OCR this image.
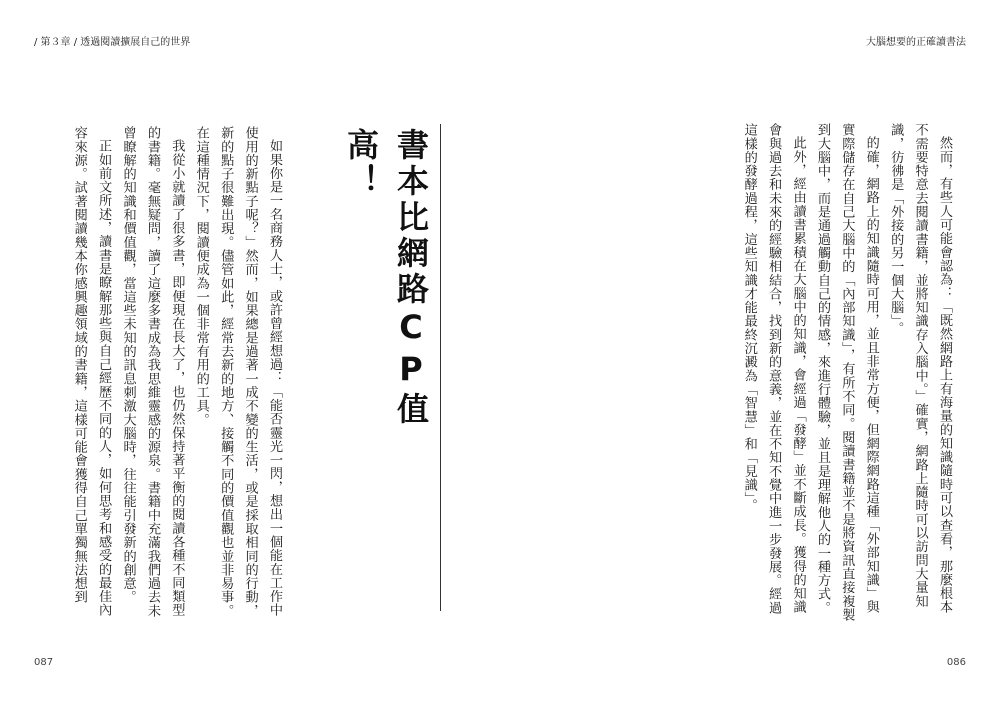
/ 第３章 / 透過閱讀擴展自己的世界	大腦想要的正確讀書法

然而，有些人可能會認為：「既然網路上有海量的知識隨時可以查看，那麼根本不需要特意去閱讀書籍，並將知識存入腦中。」確實，網路上隨時可以訪問大量知識，彷彿是「外接的另一個大腦」。

的確，網路上的知識隨時可用，並且非常方便，但網際網路這種「外部知識」與實際儲存在自己大腦中的「內部知識」，有所不同。閱讀書籍並不是將資訊直接複製到大腦中，而是通過觸動自己的情感，來進行體驗，並且是理解他人的一種方式。

此外，經由讀書累積在大腦中的知識，會經過「發酵」並不斷成長。獲得的知識會與過去和未來的經驗相結合，找到新的意義，並在不知不覺中進一步發展。經過這樣的發酵過程，這些知識才能最終沉澱為「智慧」和「見識」。

書本比網路CP值高！

如果你是一名商務人士，或許曾經想過：「能否靈光一閃，想出一個能在工作中使用的新點子呢？」然而，如果總是過著一成不變的生活，或是採取相同的行動，新的點子很難出現。儘管如此，經常去新的地方、接觸不同的價值觀也並非易事。在這種情況下，閱讀便成為一個非常有用的工具。

我從小就讀了很多書，即便現在長大了，也仍然保持著平衡的閱讀各種不同類型的書籍。毫無疑問，讀了這麼多書成為我思維靈感的源泉。書籍中充滿我們過去未曾瞭解的知識和價值觀，當這些未知的訊息刺激大腦時，往往能引發新的創意。

正如前文所述，讀書是瞭解那些與自己經歷不同的人，如何思考和感受的最佳內容來源。試著閱讀幾本你感興趣領域的書籍，這樣可能會獲得自己單獨無法想到

087	086
